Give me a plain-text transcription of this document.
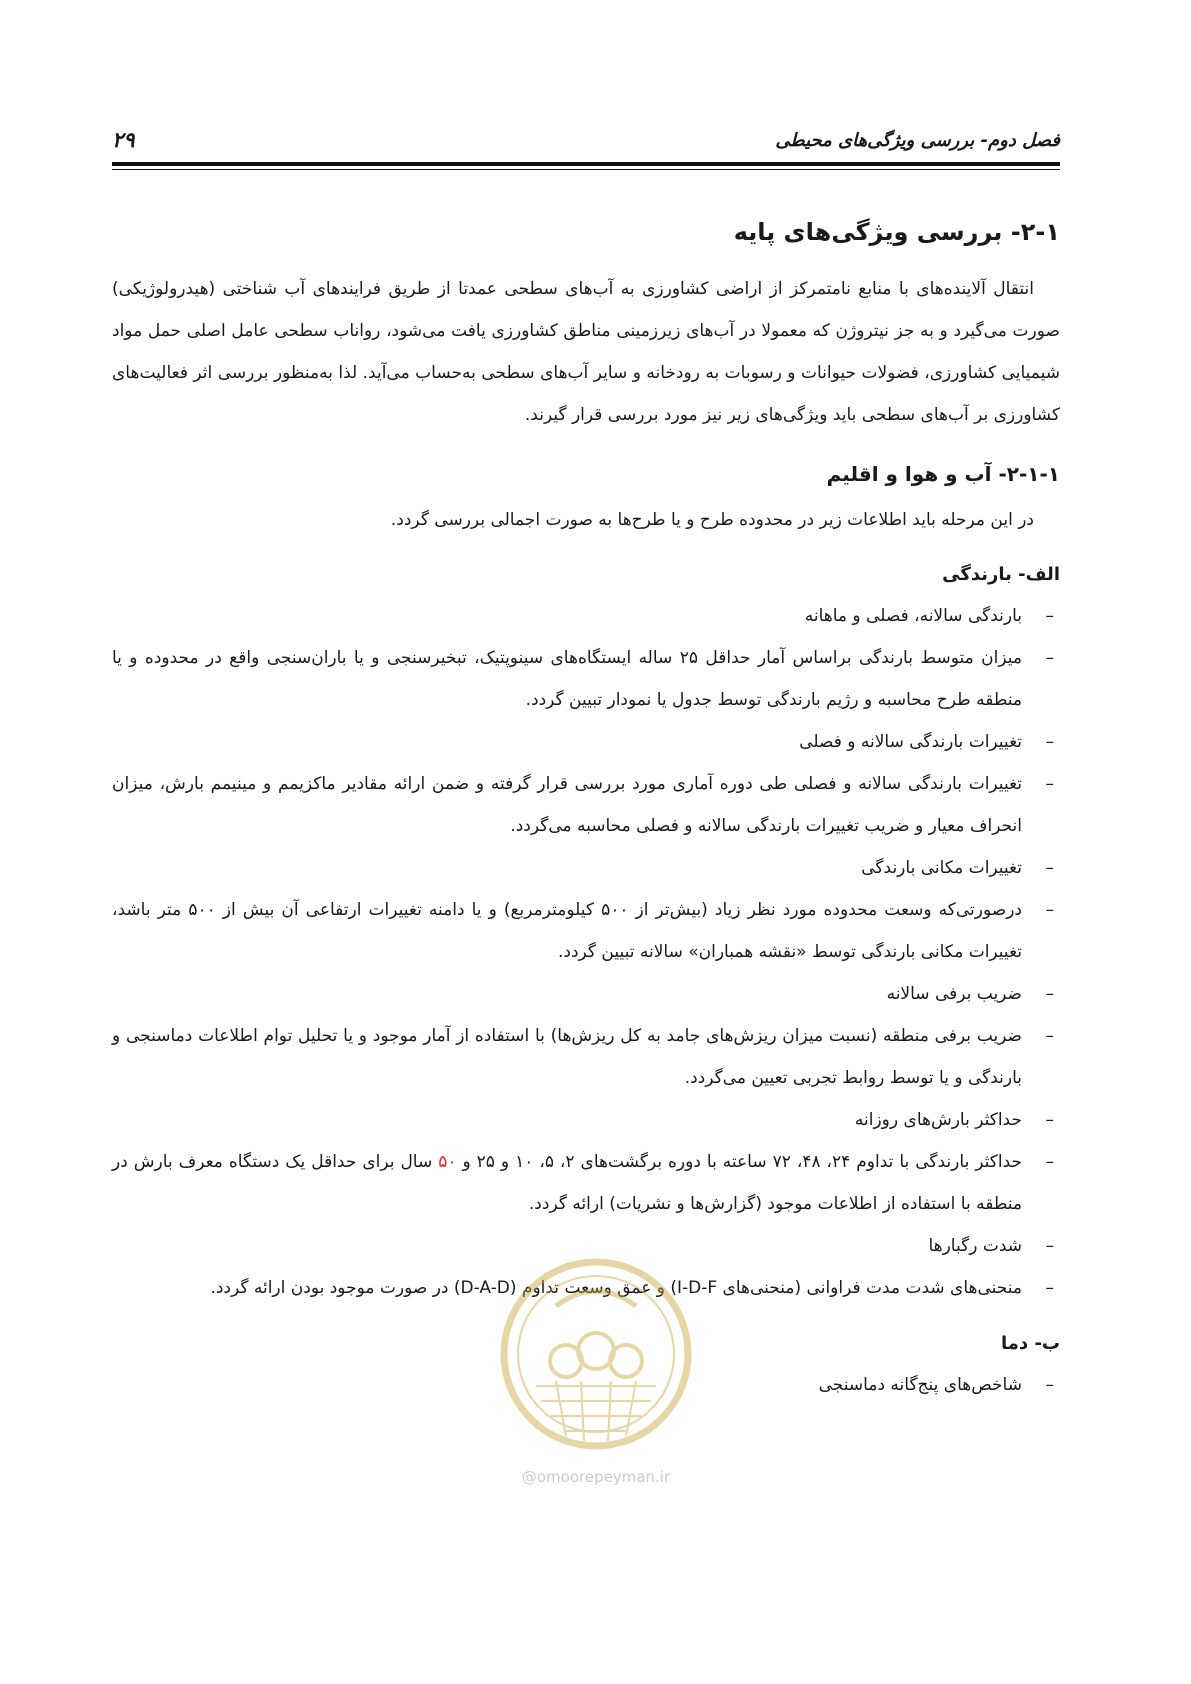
فصل دوم- بررسی ویژگی‌های محیطی
۲۹
۲-۱- بررسی ویژگی‌های پایه

انتقال آلاینده‌های با منابع نامتمرکز از اراضی کشاورزی به آب‌های سطحی عمدتا از طریق فرایندهای آب شناختی (هیدرولوژیکی) صورت می‌گیرد و به جز نیتروژن که معمولا در آب‌های زیرزمینی مناطق کشاورزی یافت می‌شود، رواناب سطحی عامل اصلی حمل مواد شیمیایی کشاورزی، فضولات حیوانات و رسوبات به رودخانه و سایر آب‌های سطحی به‌حساب می‌آید. لذا به‌منظور بررسی اثر فعالیت‌های کشاورزی بر آب‌های سطحی باید ویژگی‌های زیر نیز مورد بررسی قرار گیرند.

۲-۱-۱- آب و هوا و اقلیم

در این مرحله باید اطلاعات زیر در محدوده طرح و یا طرح‌ها به صورت اجمالی بررسی گردد.

الف- بارندگی
–
بارندگی سالانه، فصلی و ماهانه
–
میزان متوسط بارندگی براساس آمار حداقل ۲۵ ساله ایستگاه‌های سینوپتیک، تبخیرسنجی و یا باران‌سنجی واقع در محدوده و یا منطقه طرح محاسبه و رژیم بارندگی توسط جدول یا نمودار تبیین گردد.
–
تغییرات بارندگی سالانه و فصلی
–
تغییرات بارندگی سالانه و فصلی طی دوره آماری مورد بررسی قرار گرفته و ضمن ارائه مقادیر ماکزیمم و مینیمم بارش، میزان انحراف معیار و ضریب تغییرات بارندگی سالانه و فصلی محاسبه می‌گردد.
–
تغییرات مکانی بارندگی
–
درصورتی‌که وسعت محدوده مورد نظر زیاد (بیش‌تر از ۵۰۰ کیلومترمربع) و یا دامنه تغییرات ارتفاعی آن بیش از ۵۰۰ متر باشد، تغییرات مکانی بارندگی توسط «نقشه همباران» سالانه تبیین گردد.
–
ضریب برفی سالانه
–
ضریب برفی منطقه (نسبت میزان ریزش‌های جامد به کل ریزش‌ها) با استفاده از آمار موجود و یا تحلیل توام اطلاعات دماسنجی و بارندگی و یا توسط روابط تجربی تعیین می‌گردد.
–
حداکثر بارش‌های روزانه
–
حداکثر بارندگی با تداوم ۲۴، ۴۸، ۷۲ ساعته با دوره برگشت‌های ۲، ۵، ۱۰ و ۲۵ و ۵۰ سال برای حداقل یک دستگاه معرف بارش در منطقه با استفاده از اطلاعات موجود (گزارش‌ها و نشریات) ارائه گردد.
–
شدت رگبارها
–
منحنی‌های شدت مدت فراوانی (منحنی‌های I-D-F) و عمق وسعت تداوم (D-A-D) در صورت موجود بودن ارائه گردد.
ب- دما
–
شاخص‌های پنج‌گانه دماسنجی
@omoorepeyman.ir
